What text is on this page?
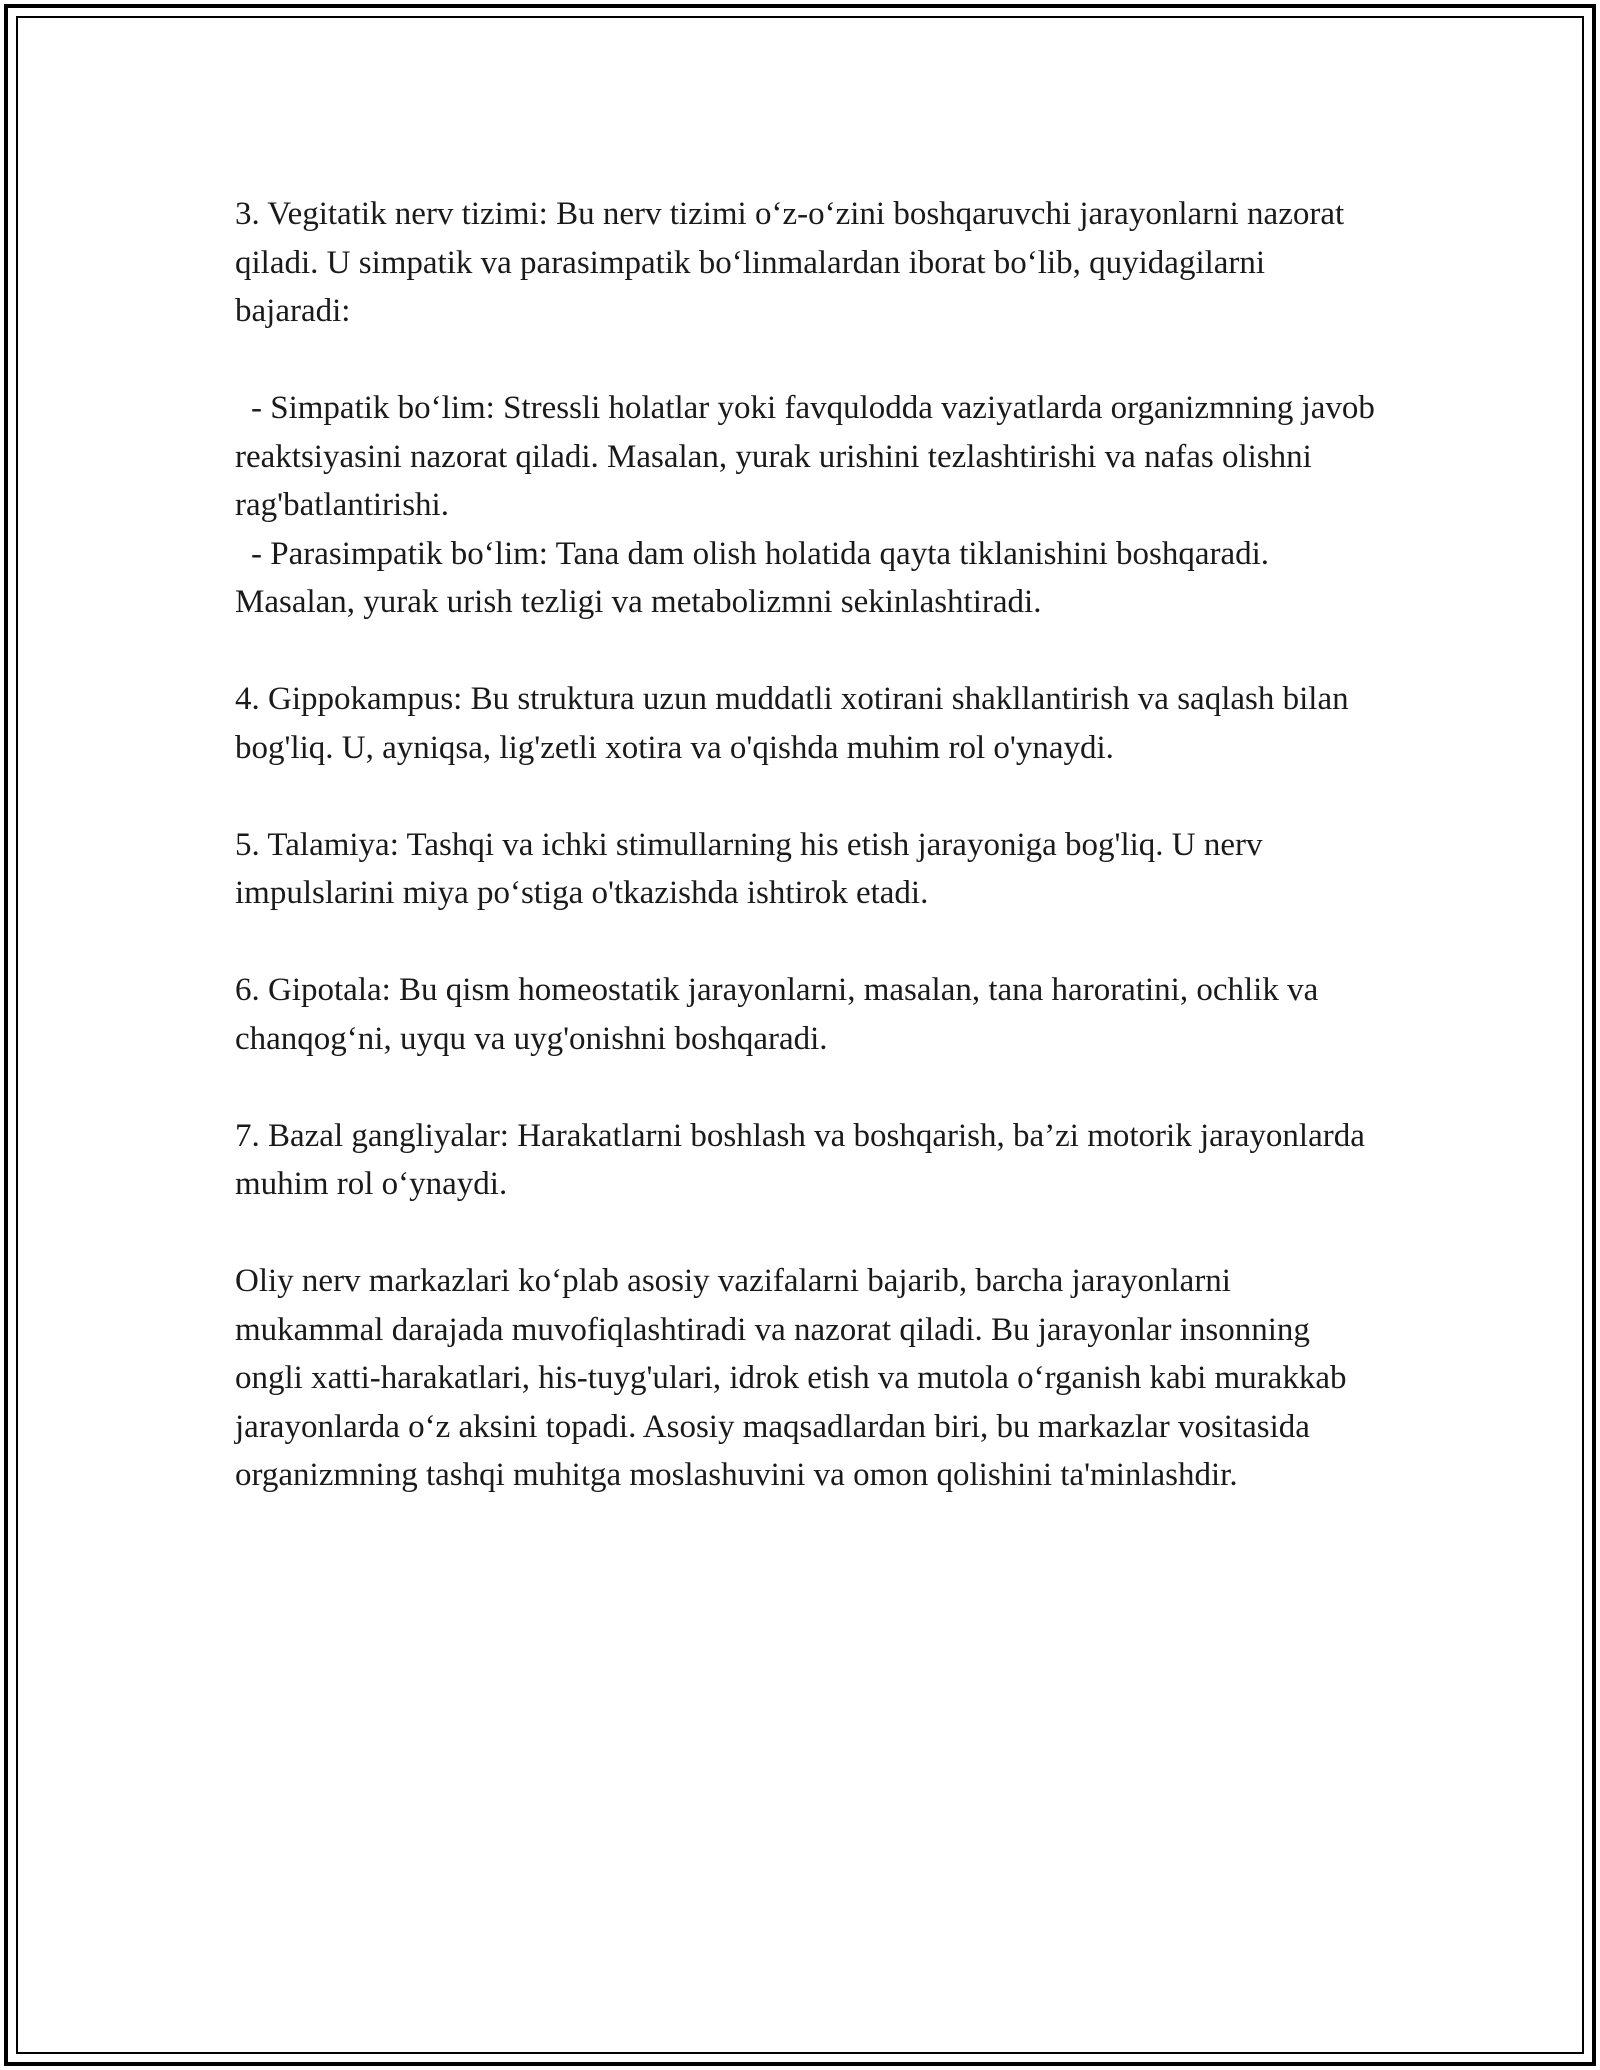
3. Vegitatik nerv tizimi: Bu nerv tizimi o‘z-o‘zini boshqaruvchi jarayonlarni nazorat qiladi. U simpatik va parasimpatik bo‘linmalardan iborat bo‘lib, quyidagilarni bajaradi:

- Simpatik bo‘lim: Stressli holatlar yoki favqulodda vaziyatlarda organizmning javob reaktsiyasini nazorat qiladi. Masalan, yurak urishini tezlashtirishi va nafas olishni rag'batlantirishi.

- Parasimpatik bo‘lim: Tana dam olish holatida qayta tiklanishini boshqaradi. Masalan, yurak urish tezligi va metabolizmni sekinlashtiradi.

4. Gippokampus: Bu struktura uzun muddatli xotirani shakllantirish va saqlash bilan bog'liq. U, ayniqsa, lig'zetli xotira va o'qishda muhim rol o'ynaydi.

5. Talamiya: Tashqi va ichki stimullarning his etish jarayoniga bog'liq. U nerv impulslarini miya po‘stiga o'tkazishda ishtirok etadi.

6. Gipotala: Bu qism homeostatik jarayonlarni, masalan, tana haroratini, ochlik va chanqog‘ni, uyqu va uyg'onishni boshqaradi.

7. Bazal gangliyalar: Harakatlarni boshlash va boshqarish, ba’zi motorik jarayonlarda muhim rol o‘ynaydi.

Oliy nerv markazlari ko‘plab asosiy vazifalarni bajarib, barcha jarayonlarni mukammal darajada muvofiqlashtiradi va nazorat qiladi. Bu jarayonlar insonning ongli xatti-harakatlari, his-tuyg'ulari, idrok etish va mutola o‘rganish kabi murakkab jarayonlarda o‘z aksini topadi. Asosiy maqsadlardan biri, bu markazlar vositasida organizmning tashqi muhitga moslashuvini va omon qolishini ta'minlashdir.
